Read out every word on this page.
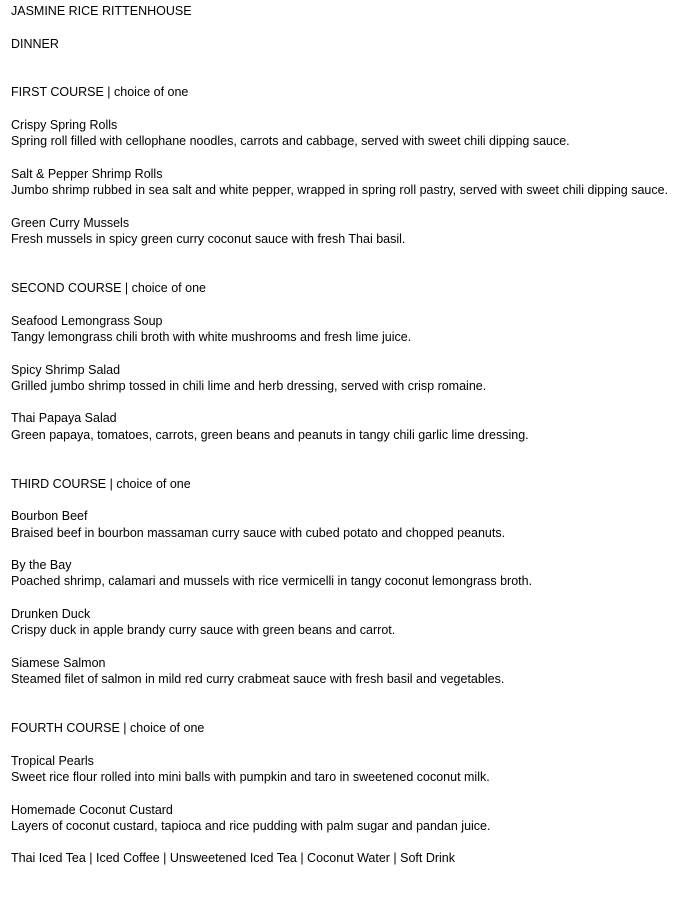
JASMINE RICE RITTENHOUSE
DINNER
FIRST COURSE | choice of one
Crispy Spring Rolls
Spring roll filled with cellophane noodles, carrots and cabbage, served with sweet chili dipping sauce.
Salt & Pepper Shrimp Rolls
Jumbo shrimp rubbed in sea salt and white pepper, wrapped in spring roll pastry, served with sweet chili dipping sauce.
Green Curry Mussels
Fresh mussels in spicy green curry coconut sauce with fresh Thai basil.
SECOND COURSE | choice of one
Seafood Lemongrass Soup
Tangy lemongrass chili broth with white mushrooms and fresh lime juice.
Spicy Shrimp Salad
Grilled jumbo shrimp tossed in chili lime and herb dressing, served with crisp romaine.
Thai Papaya Salad
Green papaya, tomatoes, carrots, green beans and peanuts in tangy chili garlic lime dressing.
THIRD COURSE | choice of one
Bourbon Beef
Braised beef in bourbon massaman curry sauce with cubed potato and chopped peanuts.
By the Bay
Poached shrimp, calamari and mussels with rice vermicelli in tangy coconut lemongrass broth.
Drunken Duck
Crispy duck in apple brandy curry sauce with green beans and carrot.
Siamese Salmon
Steamed filet of salmon in mild red curry crabmeat sauce with fresh basil and vegetables.
FOURTH COURSE | choice of one
Tropical Pearls
Sweet rice flour rolled into mini balls with pumpkin and taro in sweetened coconut milk.
Homemade Coconut Custard
Layers of coconut custard, tapioca and rice pudding with palm sugar and pandan juice.
Thai Iced Tea | Iced Coffee | Unsweetened Iced Tea | Coconut Water | Soft Drink
